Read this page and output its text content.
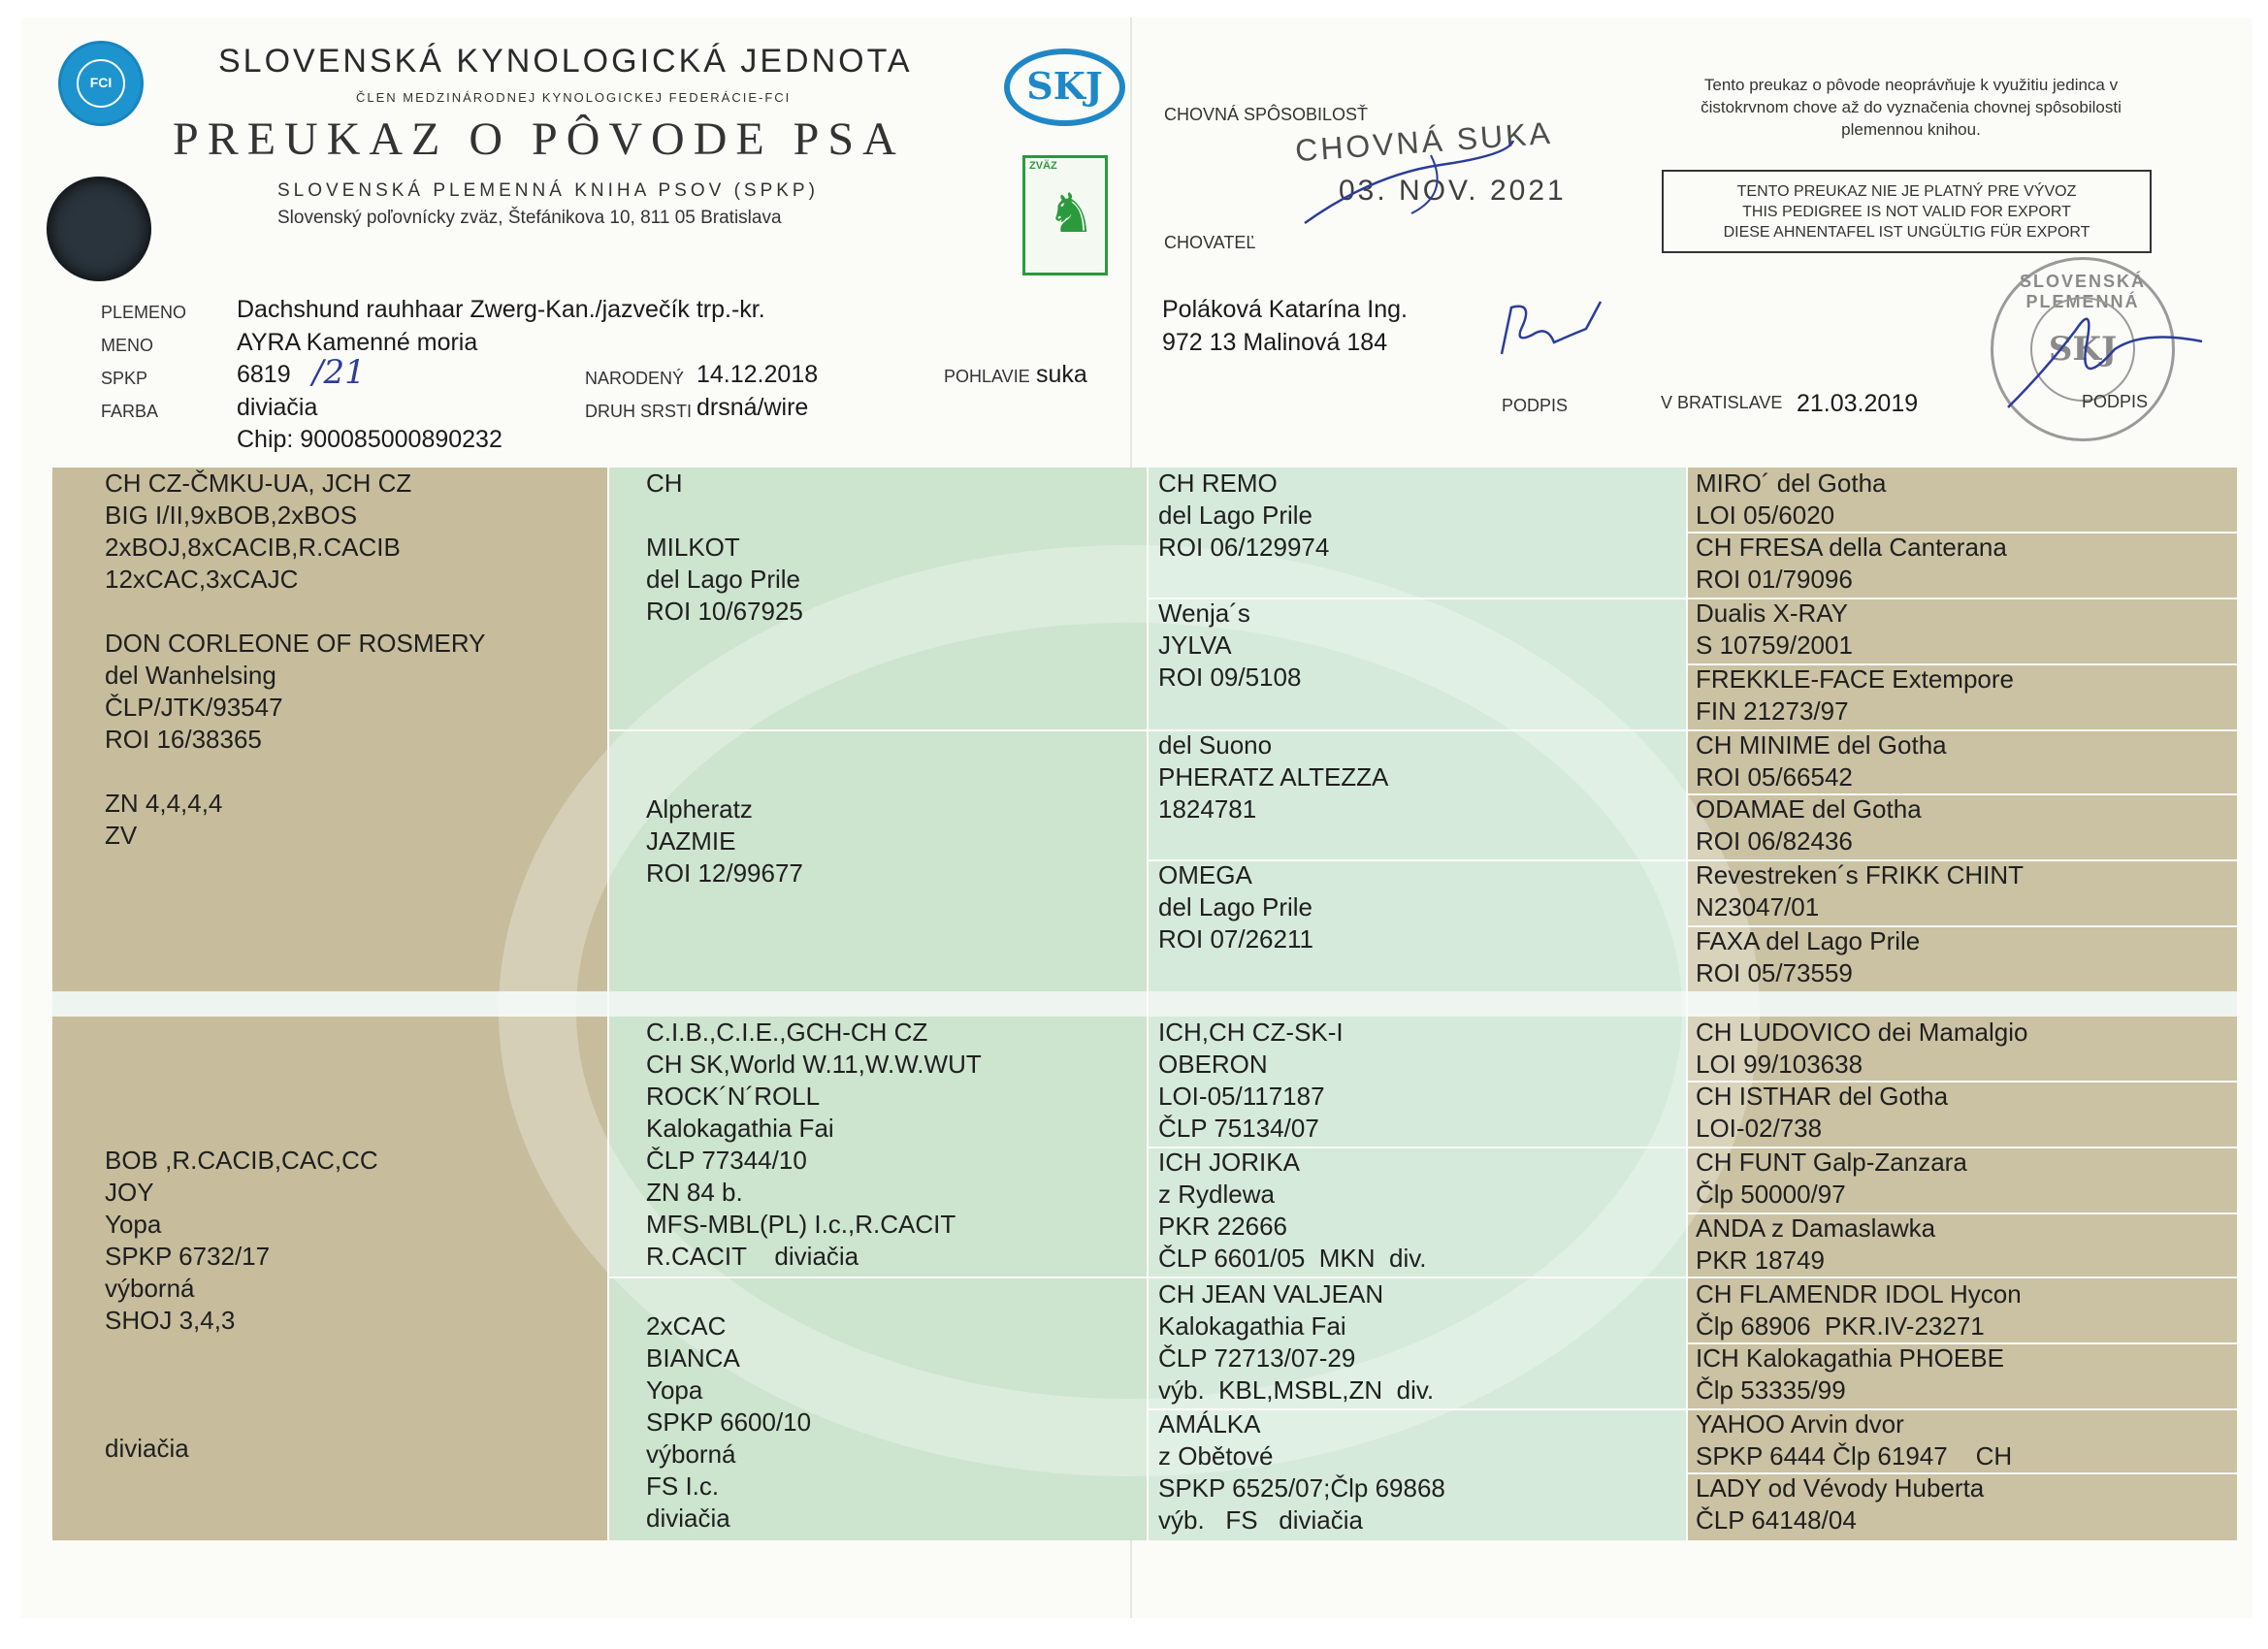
FCI
SLOVENSKÁ KYNOLOGICKÁ JEDNOTA
ČLEN MEDZINÁRODNEJ KYNOLOGICKEJ FEDERÁCIE-FCI
PREUKAZ O PÔVODE PSA
SLOVENSKÁ PLEMENNÁ KNIHA PSOV (SPKP)
Slovenský poľovnícky zväz, Štefánikova 10, 811 05 Bratislava
SKJ
ZVÄZ
♞
PLEMENO Dachshund rauhhaar Zwerg-Kan./jazvečík trp.-kr.
MENO	AYRA Kamenné moria
SPKP	6819 /21
FARBA	diviačia
Chip: 900085000890232
NARODENÝ 14.12.2018
DRUH SRSTI drsná/wire
POHLAVIE suka
CHOVNÁ SPÔSOBILOSŤ
CHOVNÁ SUKA
03. NOV. 2021
Tento preukaz o pôvode neoprávňuje k využitiu jedinca v čistokrvnom chove až do vyznačenia chovnej spôsobilosti plemennou knihou.
TENTO PREUKAZ NIE JE PLATNÝ PRE VÝVOZ
THIS PEDIGREE IS NOT VALID FOR EXPORT
DIESE AHNENTAFEL IST UNGÜLTIG FÜR EXPORT
CHOVATEĽ
Poláková Katarína Ing.
972 13 Malinová 184
PODPIS	V BRATISLAVE 21.03.2019
SLOVENSKÁ PLEMENNÁ
SKJ
PODPIS
CH CZ-ČMKU-UA, JCH CZ
BIG I/II,9xBOB,2xBOS
2xBOJ,8xCACIB,R.CACIB
12xCAC,3xCAJC

DON CORLEONE OF ROSMERY
del Wanhelsing
ČLP/JTK/93547
ROI 16/38365

ZN 4,4,4,4
ZV

BOB ,R.CACIB,CAC,CC
JOY
Yopa
SPKP 6732/17
výborná
SHOJ 3,4,3

diviačia
CH

MILKOT
del Lago Prile
ROI 10/67925

Alpheratz
JAZMIE
ROI 12/99677
C.I.B.,C.I.E.,GCH-CH CZ
CH SK,World W.11,W.W.WUT
ROCK´N´ROLL
Kalokagathia Fai
ČLP 77344/10
ZN 84 b.
MFS-MBL(PL) I.c.,R.CACIT
R.CACIT    diviačia

2xCAC
BIANCA
Yopa
SPKP 6600/10
výborná
FS I.c.
diviačia
CH REMO
del Lago Prile
ROI 06/129974
Wenja´s
JYLVA
ROI 09/5108
del Suono
PHERATZ ALTEZZA
1824781
OMEGA
del Lago Prile
ROI 07/26211
ICH,CH CZ-SK-I
OBERON
LOI-05/117187
ČLP 75134/07
ICH JORIKA
z Rydlewa
PKR 22666
ČLP 6601/05  MKN  div.
CH JEAN VALJEAN
Kalokagathia Fai
ČLP 72713/07-29
výb.  KBL,MSBL,ZN  div.
AMÁLKA
z Obětové
SPKP 6525/07;Člp 69868
výb.   FS   diviačia
MIRO´ del Gotha
LOI 05/6020
CH FRESA della Canterana
ROI 01/79096
Dualis X-RAY
S 10759/2001
FREKKLE-FACE Extempore
FIN 21273/97
CH MINIME del Gotha
ROI 05/66542
ODAMAE del Gotha
ROI 06/82436
Revestreken´s FRIKK CHINT
N23047/01
FAXA del Lago Prile
ROI 05/73559
CH LUDOVICO dei Mamalgio
LOI 99/103638
CH ISTHAR del Gotha
LOI-02/738
CH FUNT Galp-Zanzara
Člp 50000/97
ANDA z Damaslawka
PKR 18749
CH FLAMENDR IDOL Hycon
Člp 68906  PKR.IV-23271
ICH Kalokagathia PHOEBE
Člp 53335/99
YAHOO Arvin dvor
SPKP 6444 Člp 61947    CH
LADY od Vévody Huberta
ČLP 64148/04
